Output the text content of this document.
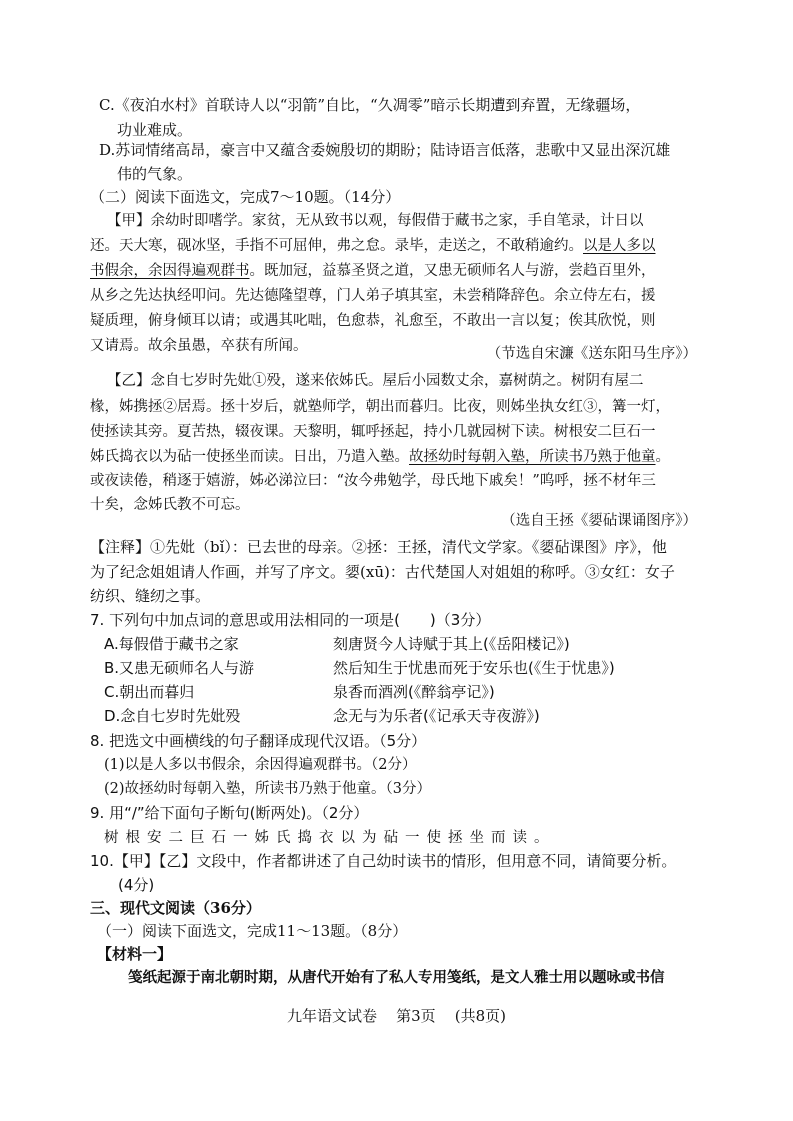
C.《夜泊水村》首联诗人以“羽箭”自比，“久凋零”暗示长期遭到弃置，无缘疆场，
功业难成。
D.苏词情绪高昂，豪言中又蕴含委婉殷切的期盼；陆诗语言低落，悲歌中又显出深沉雄
伟的气象。
（二）阅读下面选文，完成7～10题。（14分）
【甲】余幼时即嗜学。家贫，无从致书以观，每假借于藏书之家，手自笔录，计日以
还。天大寒，砚冰坚，手指不可屈伸，弗之怠。录毕，走送之，不敢稍逾约。以是人多以
书假余，余因得遍观群书。既加冠，益慕圣贤之道，又患无硕师名人与游，尝趋百里外，
从乡之先达执经叩问。先达德隆望尊，门人弟子填其室，未尝稍降辞色。余立侍左右，援
疑质理，俯身倾耳以请；或遇其叱咄，色愈恭，礼愈至，不敢出一言以复；俟其欣悦，则
又请焉。故余虽愚，卒获有所闻。	（节选自宋濂《送东阳马生序》）
【乙】念自七岁时先妣①殁，遂来依姊氏。屋后小园数丈余，嘉树荫之。树阴有屋二
椽，姊携拯②居焉。拯十岁后，就塾师学，朝出而暮归。比夜，则姊坐执女红③，篝一灯，
使拯读其旁。夏苦热，辍夜课。天黎明，辄呼拯起，持小几就园树下读。树根安二巨石一
姊氏捣衣以为砧一使拯坐而读。日出，乃遣入塾。故拯幼时每朝入塾，所读书乃熟于他童。
或夜读倦，稍逐于嬉游，姊必涕泣曰：“汝今弗勉学，母氏地下戚矣！”呜呼，拯不材年三
十矣，念姊氏教不可忘。
（选自王拯《媭砧课诵图序》）
【注释】①先妣（bǐ）：已去世的母亲。②拯：王拯，清代文学家。《媭砧课图》序》，他
为了纪念姐姐请人作画，并写了序文。媭(xū)：古代楚国人对姐姐的称呼。③女红：女子
纺织、缝纫之事。
7. 下列句中加点词的意思或用法相同的一项是(　　)（3分）
A.每假借于藏书之家	刻唐贤今人诗赋于其上(《岳阳楼记》)
B.又患无硕师名人与游	然后知生于忧患而死于安乐也(《生于忧患》)
C.朝出而暮归	泉香而酒冽(《醉翁亭记》)
D.念自七岁时先妣殁	念无与为乐者(《记承天寺夜游》)
8. 把选文中画横线的句子翻译成现代汉语。（5分）
(1)以是人多以书假余，余因得遍观群书。（2分）
(2)故拯幼时每朝入塾，所读书乃熟于他童。（3分）
9. 用“/”给下面句子断句(断两处)。（2分）
树根安二巨石一姊氏捣衣以为砧一使拯坐而读。
10.【甲】【乙】文段中，作者都讲述了自己幼时读书的情形，但用意不同，请简要分析。
(4分)
三、现代文阅读（36分）
（一）阅读下面选文，完成11～13题。（8分）
【材料一】
笺纸起源于南北朝时期，从唐代开始有了私人专用笺纸，是文人雅士用以题咏或书信
九年语文试卷 第3页 (共8页)
